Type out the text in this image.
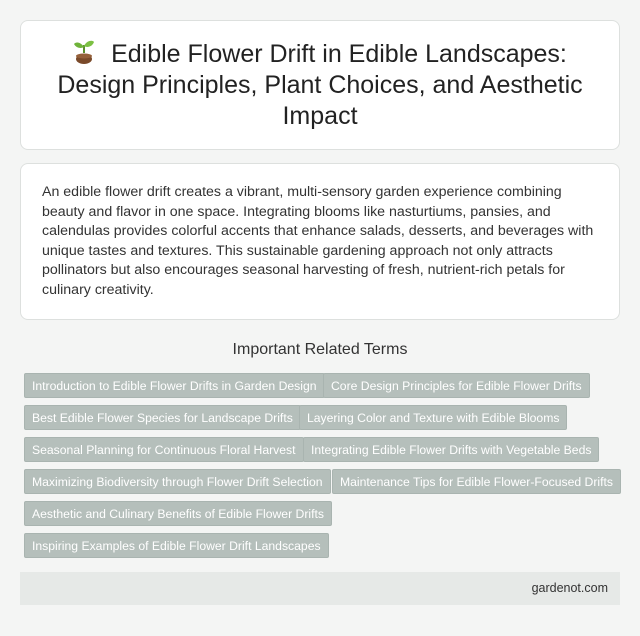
Edible Flower Drift in Edible Landscapes: Design Principles, Plant Choices, and Aesthetic Impact

An edible flower drift creates a vibrant, multi-sensory garden experience combining beauty and flavor in one space. Integrating blooms like nasturtiums, pansies, and calendulas provides colorful accents that enhance salads, desserts, and beverages with unique tastes and textures. This sustainable gardening approach not only attracts pollinators but also encourages seasonal harvesting of fresh, nutrient-rich petals for culinary creativity.

Important Related Terms
Introduction to Edible Flower Drifts in Garden Design	Core Design Principles for Edible Flower Drifts
Best Edible Flower Species for Landscape Drifts	Layering Color and Texture with Edible Blooms
Seasonal Planning for Continuous Floral Harvest	Integrating Edible Flower Drifts with Vegetable Beds
Maximizing Biodiversity through Flower Drift Selection	Maintenance Tips for Edible Flower-Focused Drifts
Aesthetic and Culinary Benefits of Edible Flower Drifts
Inspiring Examples of Edible Flower Drift Landscapes
gardenot.com
